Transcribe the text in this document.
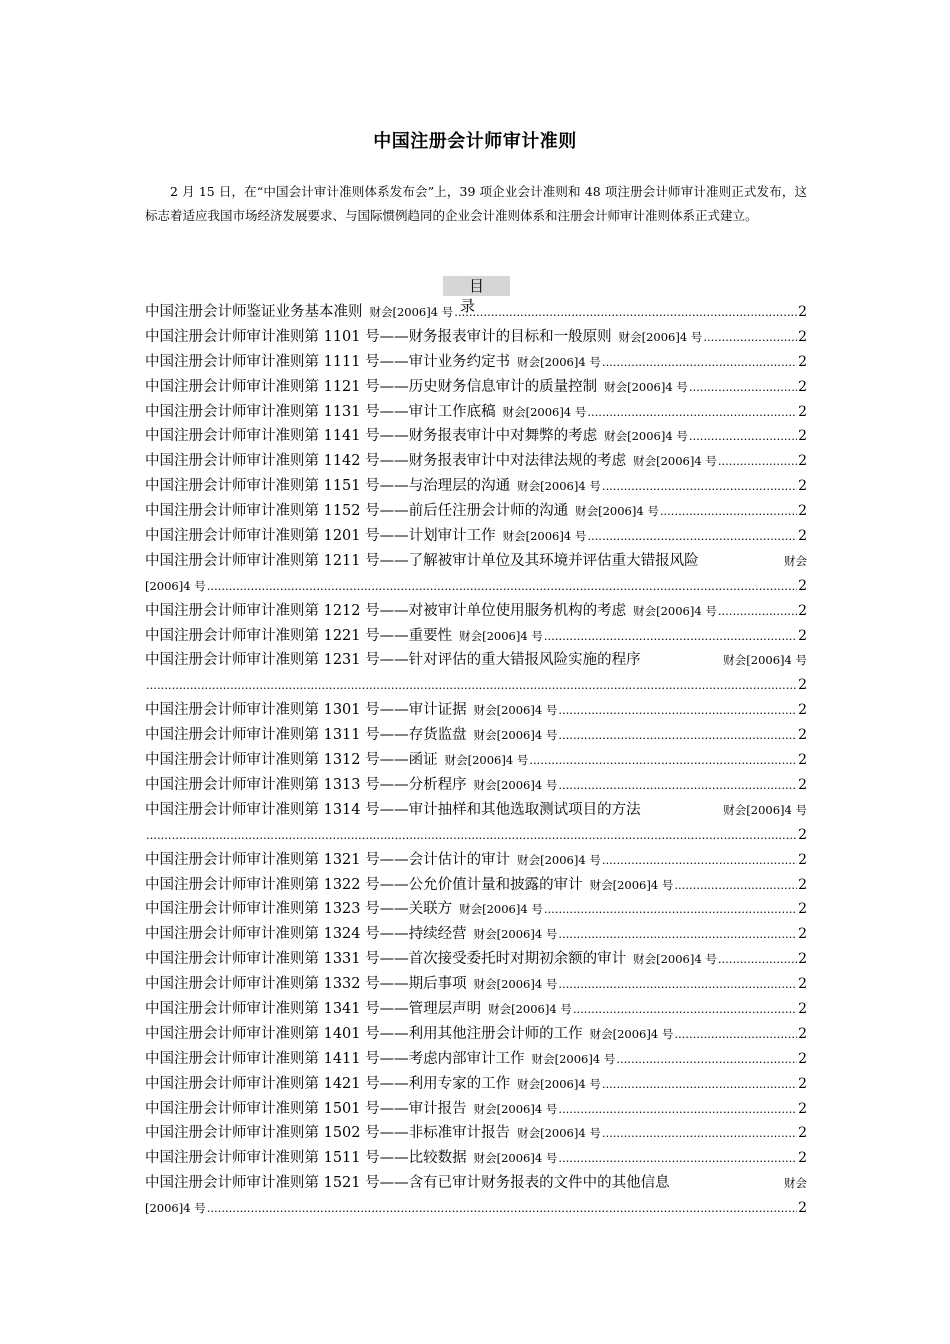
中国注册会计师审计准则
2 月 15 日，在“中国会计审计准则体系发布会”上，39 项企业会计准则和 48 项注册会计师审计准则正式发布，这标志着适应我国市场经济发展要求、与国际惯例趋同的企业会计准则体系和注册会计师审计准则体系正式建立。
目录
中国注册会计师鉴证业务基本准则 财会[2006]4 号 .....	2
中国注册会计师审计准则第 1101 号——财务报表审计的目标和一般原则 财会[2006]4 号 .....	2
中国注册会计师审计准则第 1111 号——审计业务约定书 财会[2006]4 号 .....	2
中国注册会计师审计准则第 1121 号——历史财务信息审计的质量控制 财会[2006]4 号 .....	2
中国注册会计师审计准则第 1131 号——审计工作底稿 财会[2006]4 号 .....	2
中国注册会计师审计准则第 1141 号——财务报表审计中对舞弊的考虑 财会[2006]4 号 .....	2
中国注册会计师审计准则第 1142 号——财务报表审计中对法律法规的考虑 财会[2006]4 号 .....	2
中国注册会计师审计准则第 1151 号——与治理层的沟通 财会[2006]4 号 .....	2
中国注册会计师审计准则第 1152 号——前后任注册会计师的沟通 财会[2006]4 号 .....	2
中国注册会计师审计准则第 1201 号——计划审计工作 财会[2006]4 号 .....	2
中国注册会计师审计准则第 1211 号——了解被审计单位及其环境并评估重大错报风险	财会
[2006]4 号 .....	2
中国注册会计师审计准则第 1212 号——对被审计单位使用服务机构的考虑 财会[2006]4 号 .....	2
中国注册会计师审计准则第 1221 号——重要性 财会[2006]4 号 .....	2
中国注册会计师审计准则第 1231 号——针对评估的重大错报风险实施的程序	财会[2006]4 号
.....
2
中国注册会计师审计准则第 1301 号——审计证据 财会[2006]4 号 .....	2
中国注册会计师审计准则第 1311 号——存货监盘 财会[2006]4 号 .....	2
中国注册会计师审计准则第 1312 号——函证 财会[2006]4 号 .....	2
中国注册会计师审计准则第 1313 号——分析程序 财会[2006]4 号 .....	2
中国注册会计师审计准则第 1314 号——审计抽样和其他选取测试项目的方法	财会[2006]4 号
.....
2
中国注册会计师审计准则第 1321 号——会计估计的审计 财会[2006]4 号 .....	2
中国注册会计师审计准则第 1322 号——公允价值计量和披露的审计 财会[2006]4 号 .....	2
中国注册会计师审计准则第 1323 号——关联方 财会[2006]4 号 .....	2
中国注册会计师审计准则第 1324 号——持续经营 财会[2006]4 号 .....	2
中国注册会计师审计准则第 1331 号——首次接受委托时对期初余额的审计 财会[2006]4 号 .....	2
中国注册会计师审计准则第 1332 号——期后事项 财会[2006]4 号 .....	2
中国注册会计师审计准则第 1341 号——管理层声明 财会[2006]4 号 .....	2
中国注册会计师审计准则第 1401 号——利用其他注册会计师的工作 财会[2006]4 号 .....	2
中国注册会计师审计准则第 1411 号——考虑内部审计工作 财会[2006]4 号 .....	2
中国注册会计师审计准则第 1421 号——利用专家的工作 财会[2006]4 号 .....	2
中国注册会计师审计准则第 1501 号——审计报告 财会[2006]4 号 .....	2
中国注册会计师审计准则第 1502 号——非标准审计报告 财会[2006]4 号 .....	2
中国注册会计师审计准则第 1511 号——比较数据 财会[2006]4 号 .....	2
中国注册会计师审计准则第 1521 号——含有已审计财务报表的文件中的其他信息	财会
[2006]4 号 .....	2
